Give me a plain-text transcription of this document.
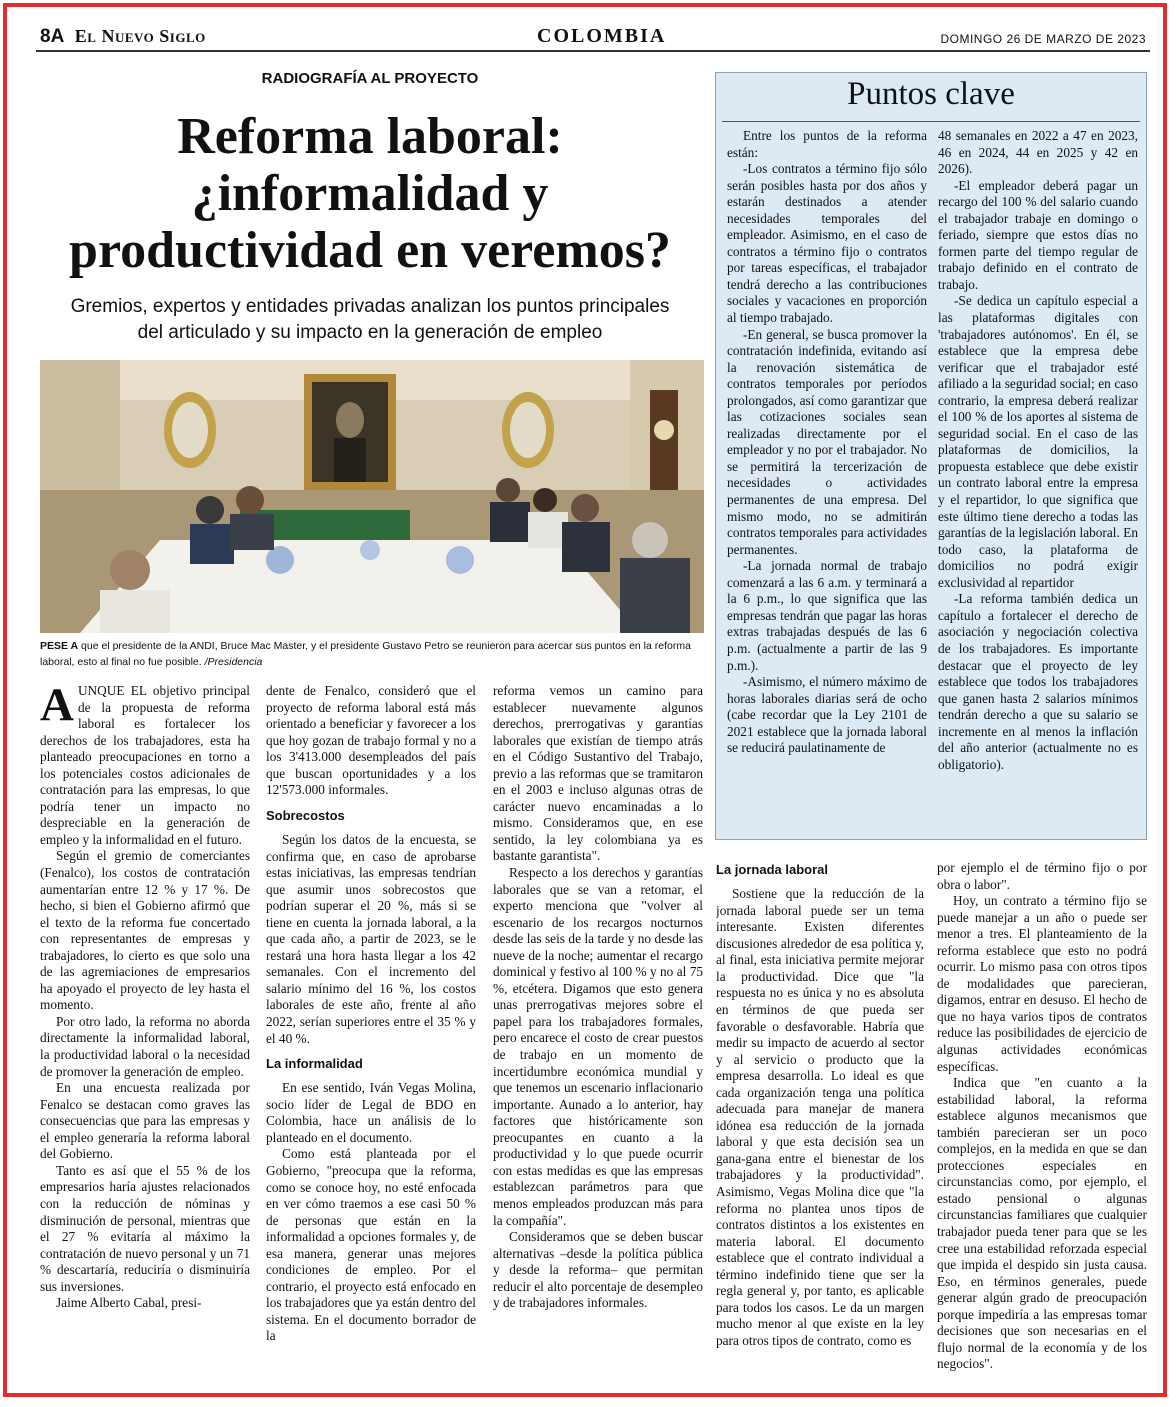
8A El Nuevo Siglo	COLOMBIA	DOMINGO 26 DE MARZO DE 2023
RADIOGRAFÍA AL PROYECTO
Reforma laboral:
¿informalidad y
productividad en veremos?
Gremios, expertos y entidades privadas analizan los puntos principales
del articulado y su impacto en la generación de empleo
PESE A que el presidente de la ANDI, Bruce Mac Master, y el presidente Gustavo Petro se reunieron para acercar sus puntos en la reforma laboral, esto al final no fue posible. /Presidencia

AUNQUE EL objetivo principal de la propuesta de reforma laboral es fortalecer los derechos de los trabajadores, esta ha planteado preocupaciones en torno a los potenciales costos adicionales de contratación para las empresas, lo que podría tener un impacto no despreciable en la generación de empleo y la informalidad en el futuro.

Según el gremio de comerciantes (Fenalco), los costos de contratación aumentarían entre 12 % y 17 %. De hecho, si bien el Gobierno afirmó que el texto de la reforma fue concertado con representantes de empresas y trabajadores, lo cierto es que solo una de las agremiaciones de empresarios ha apoyado el proyecto de ley hasta el momento.

Por otro lado, la reforma no aborda directamente la informalidad laboral, la productividad laboral o la necesidad de promover la generación de empleo.

En una encuesta realizada por Fenalco se destacan como graves las consecuencias que para las empresas y el empleo generaría la reforma laboral del Gobierno.

Tanto es así que el 55 % de los empresarios haría ajustes relacionados con la reducción de nóminas y disminución de personal, mientras que el 27 % evitaría al máximo la contratación de nuevo personal y un 71 % descartaría, reduciría o disminuiría sus inversiones.

Jaime Alberto Cabal, presi-

dente de Fenalco, consideró que el proyecto de reforma laboral está más orientado a beneficiar y favorecer a los que hoy gozan de trabajo formal y no a los 3'413.000 desempleados del país que buscan oportunidades y a los 12'573.000 informales.

Sobrecostos

Según los datos de la encuesta, se confirma que, en caso de aprobarse estas iniciativas, las empresas tendrían que asumir unos sobrecostos que podrían superar el 20 %, más si se tiene en cuenta la jornada laboral, a la que cada año, a partir de 2023, se le restará una hora hasta llegar a los 42 semanales. Con el incremento del salario mínimo del 16 %, los costos laborales de este año, frente al año 2022, serían superiores entre el 35 % y el 40 %.

La informalidad

En ese sentido, Iván Vegas Molina, socio líder de Legal de BDO en Colombia, hace un análisis de lo planteado en el documento.

Como está planteada por el Gobierno, "preocupa que la reforma, como se conoce hoy, no esté enfocada en ver cómo traemos a ese casi 50 % de personas que están en la informalidad a opciones formales y, de esa manera, generar unas mejores condiciones de empleo. Por el contrario, el proyecto está enfocado en los trabajadores que ya están dentro del sistema. En el documento borrador de la

reforma vemos un camino para establecer nuevamente algunos derechos, prerrogativas y garantías laborales que existían de tiempo atrás en el Código Sustantivo del Trabajo, previo a las reformas que se tramitaron en el 2003 e incluso algunas otras de carácter nuevo encaminadas a lo mismo. Consideramos que, en ese sentido, la ley colombiana ya es bastante garantista".

Respecto a los derechos y garantías laborales que se van a retomar, el experto menciona que "volver al escenario de los recargos nocturnos desde las seis de la tarde y no desde las nueve de la noche; aumentar el recargo dominical y festivo al 100 % y no al 75 %, etcétera. Digamos que esto genera unas prerrogativas mejores sobre el papel para los trabajadores formales, pero encarece el costo de crear puestos de trabajo en un momento de incertidumbre económica mundial y que tenemos un escenario inflacionario importante. Aunado a lo anterior, hay factores que históricamente son preocupantes en cuanto a la productividad y lo que puede ocurrir con estas medidas es que las empresas establezcan parámetros para que menos empleados produzcan más para la compañía".

Consideramos que se deben buscar alternativas –desde la política pública y desde la reforma– que permitan reducir el alto porcentaje de desempleo y de trabajadores informales.

Puntos clave

Entre los puntos de la reforma están:

-Los contratos a término fijo sólo serán posibles hasta por dos años y estarán destinados a atender necesidades temporales del empleador. Asimismo, en el caso de contratos a término fijo o contratos por tareas específicas, el trabajador tendrá derecho a las contribuciones sociales y vacaciones en proporción al tiempo trabajado.

-En general, se busca promover la contratación indefinida, evitando así la renovación sistemática de contratos temporales por períodos prolongados, así como garantizar que las cotizaciones sociales sean realizadas directamente por el empleador y no por el trabajador. No se permitirá la tercerización de necesidades o actividades permanentes de una empresa. Del mismo modo, no se admitirán contratos temporales para actividades permanentes.

-La jornada normal de trabajo comenzará a las 6 a.m. y terminará a la 6 p.m., lo que significa que las empresas tendrán que pagar las horas extras trabajadas después de las 6 p.m. (actualmente a partir de las 9 p.m.).

-Asimismo, el número máximo de horas laborales diarias será de ocho (cabe recordar que la Ley 2101 de 2021 establece que la jornada laboral se reducirá paulatinamente de

48 semanales en 2022 a 47 en 2023, 46 en 2024, 44 en 2025 y 42 en 2026).

-El empleador deberá pagar un recargo del 100 % del salario cuando el trabajador trabaje en domingo o feriado, siempre que estos días no formen parte del tiempo regular de trabajo definido en el contrato de trabajo.

-Se dedica un capítulo especial a las plataformas digitales con 'trabajadores autónomos'. En él, se establece que la empresa debe verificar que el trabajador esté afiliado a la seguridad social; en caso contrario, la empresa deberá realizar el 100 % de los aportes al sistema de seguridad social. En el caso de las plataformas de domicilios, la propuesta establece que debe existir un contrato laboral entre la empresa y el repartidor, lo que significa que este último tiene derecho a todas las garantías de la legislación laboral. En todo caso, la plataforma de domicilios no podrá exigir exclusividad al repartidor

-La reforma también dedica un capítulo a fortalecer el derecho de asociación y negociación colectiva de los trabajadores. Es importante destacar que el proyecto de ley establece que todos los trabajadores que ganen hasta 2 salarios mínimos tendrán derecho a que su salario se incremente en al menos la inflación del año anterior (actualmente no es obligatorio).

La jornada laboral

Sostiene que la reducción de la jornada laboral puede ser un tema interesante. Existen diferentes discusiones alrededor de esa política y, al final, esta iniciativa permite mejorar la productividad. Dice que "la respuesta no es única y no es absoluta en términos de que pueda ser favorable o desfavorable. Habría que medir su impacto de acuerdo al sector y al servicio o producto que la empresa desarrolla. Lo ideal es que cada organización tenga una política adecuada para manejar de manera idónea esa reducción de la jornada laboral y que esta decisión sea un gana-gana entre el bienestar de los trabajadores y la productividad". Asimismo, Vegas Molina dice que "la reforma no plantea unos tipos de contratos distintos a los existentes en materia laboral. El documento establece que el contrato individual a término indefinido tiene que ser la regla general y, por tanto, es aplicable para todos los casos. Le da un margen mucho menor al que existe en la ley para otros tipos de contrato, como es

por ejemplo el de término fijo o por obra o labor".

Hoy, un contrato a término fijo se puede manejar a un año o puede ser menor a tres. El planteamiento de la reforma establece que esto no podrá ocurrir. Lo mismo pasa con otros tipos de modalidades que parecieran, digamos, entrar en desuso. El hecho de que no haya varios tipos de contratos reduce las posibilidades de ejercicio de algunas actividades económicas específicas.

Indica que "en cuanto a la estabilidad laboral, la reforma establece algunos mecanismos que también parecieran ser un poco complejos, en la medida en que se dan protecciones especiales en circunstancias como, por ejemplo, el estado pensional o algunas circunstancias familiares que cualquier trabajador pueda tener para que se les cree una estabilidad reforzada especial que impida el despido sin justa causa. Eso, en términos generales, puede generar algún grado de preocupación porque impediría a las empresas tomar decisiones que son necesarias en el flujo normal de la economía y de los negocios".
